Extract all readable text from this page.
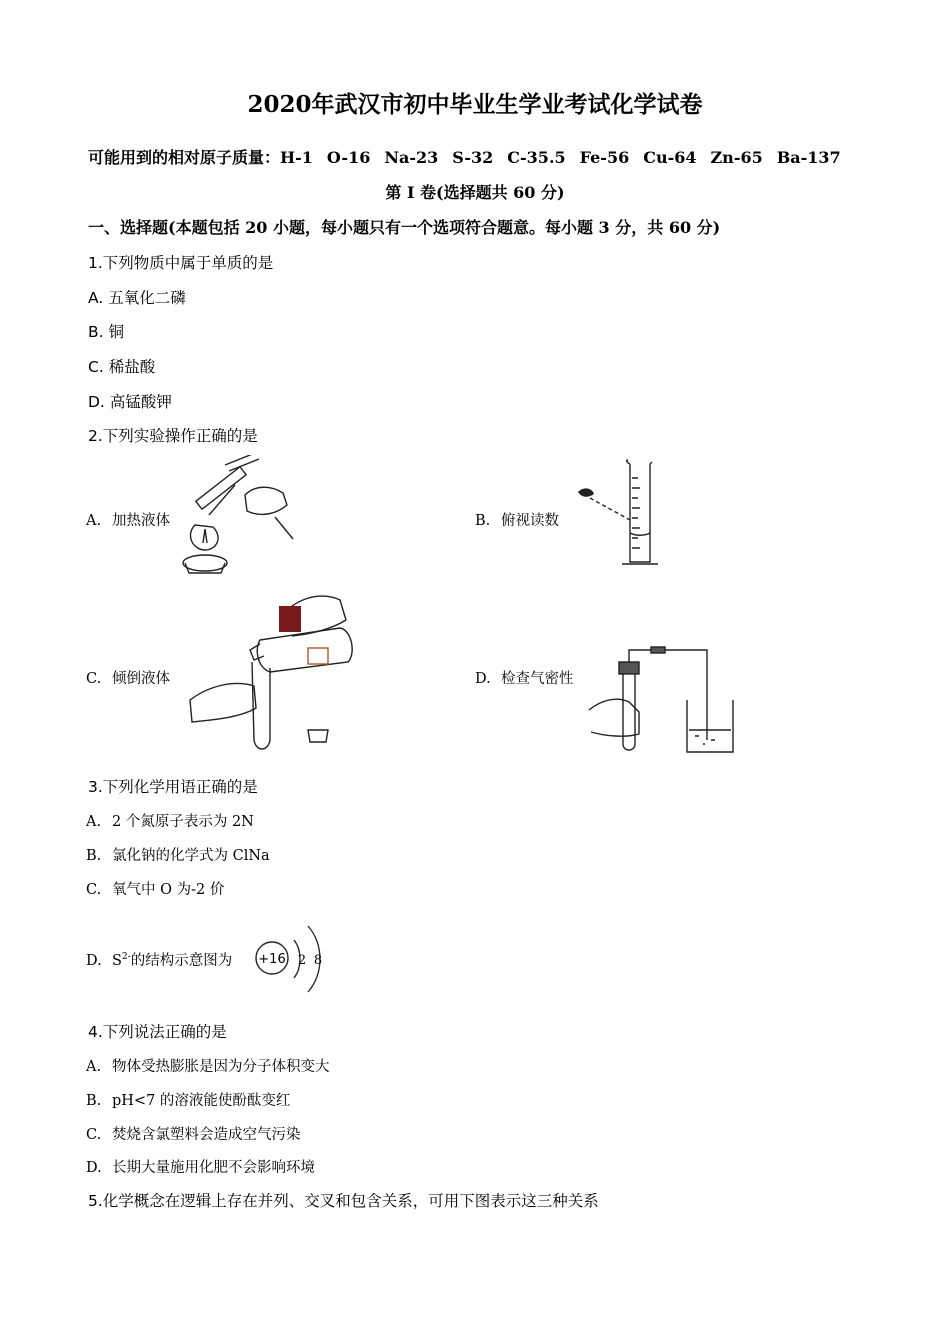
2020年武汉市初中毕业生学业考试化学试卷
可能用到的相对原子质量：H-1 O-16 Na-23 S-32 C-35.5 Fe-56 Cu-64 Zn-65 Ba-137
第 I 卷(选择题共 60 分)
一、选择题(本题包括 20 小题，每小题只有一个选项符合题意。每小题 3 分，共 60 分)
1.下列物质中属于单质的是
A. 五氧化二磷
B. 铜
C. 稀盐酸
D. 高锰酸钾
2.下列实验操作正确的是
A. 加热液体	B. 俯视读数
C. 倾倒液体	D. 检查气密性
3.下列化学用语正确的是
A. 2 个氮原子表示为 2N
B. 氯化钠的化学式为 ClNa
C. 氧气中 O 为-2 价
D. $S^{2-}$的结构示意图为 +16 2 8
4.下列说法正确的是
A. 物体受热膨胀是因为分子体积变大
B. pH<7 的溶液能使酚酞变红
C. 焚烧含氯塑料会造成空气污染
D. 长期大量施用化肥不会影响环境
5.化学概念在逻辑上存在并列、交叉和包含关系，可用下图表示这三种关系
